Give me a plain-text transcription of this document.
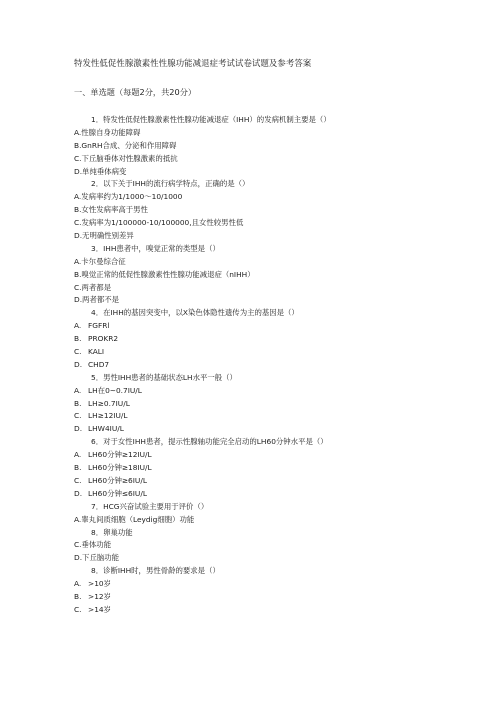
特发性低促性腺激素性性腺功能减退症考试试卷试题及参考答案
一、单选题（每题2分，共20分）
1．特发性低促性腺激素性性腺功能减退症（IHH）的发病机制主要是（）
A.性腺自身功能障碍
B.GnRH合成、分泌和作用障碍
C.下丘脑垂体对性腺激素的抵抗
D.单纯垂体病变
2．以下关于IHH的流行病学特点，正确的是（）
A.发病率约为1/1000～10/1000
B.女性发病率高于男性
C.发病率为1/100000-10/100000,且女性较男性低
D.无明确性别差异
3．IHH患者中，嗅觉正常的类型是（）
A.卡尔曼综合征
B.嗅觉正常的低促性腺激素性性腺功能减退症（nIHH）
C.两者都是
D.两者都不是
4．在IHH的基因突变中，以X染色体隐性遗传为主的基因是（）
A. FGFRl
B. PROKR2
C. KALI
D. CHD7
5．男性IHH患者的基础状态LH水平一般（）
A. LH在0~0.7IU/L
B. LH≥0.7IU/L
C. LH≥12IU/L
D. LHW4IU/L
6．对于女性IHH患者，提示性腺轴功能完全启动的LH60分钟水平是（）
A. LH60分钟≥12IU/L
B. LH60分钟≥18IU/L
C. LH60分钟≥6IU/L
D. LH60分钟≤6IU/L
7．HCG兴奋试验主要用于评价（）
A.睾丸间质细胞（Leydig细胞）功能
8．卵巢功能
C.垂体功能
D.下丘脑功能
8．诊断IHH时，男性骨龄的要求是（）
A. >10岁
B. >12岁
C. >14岁
